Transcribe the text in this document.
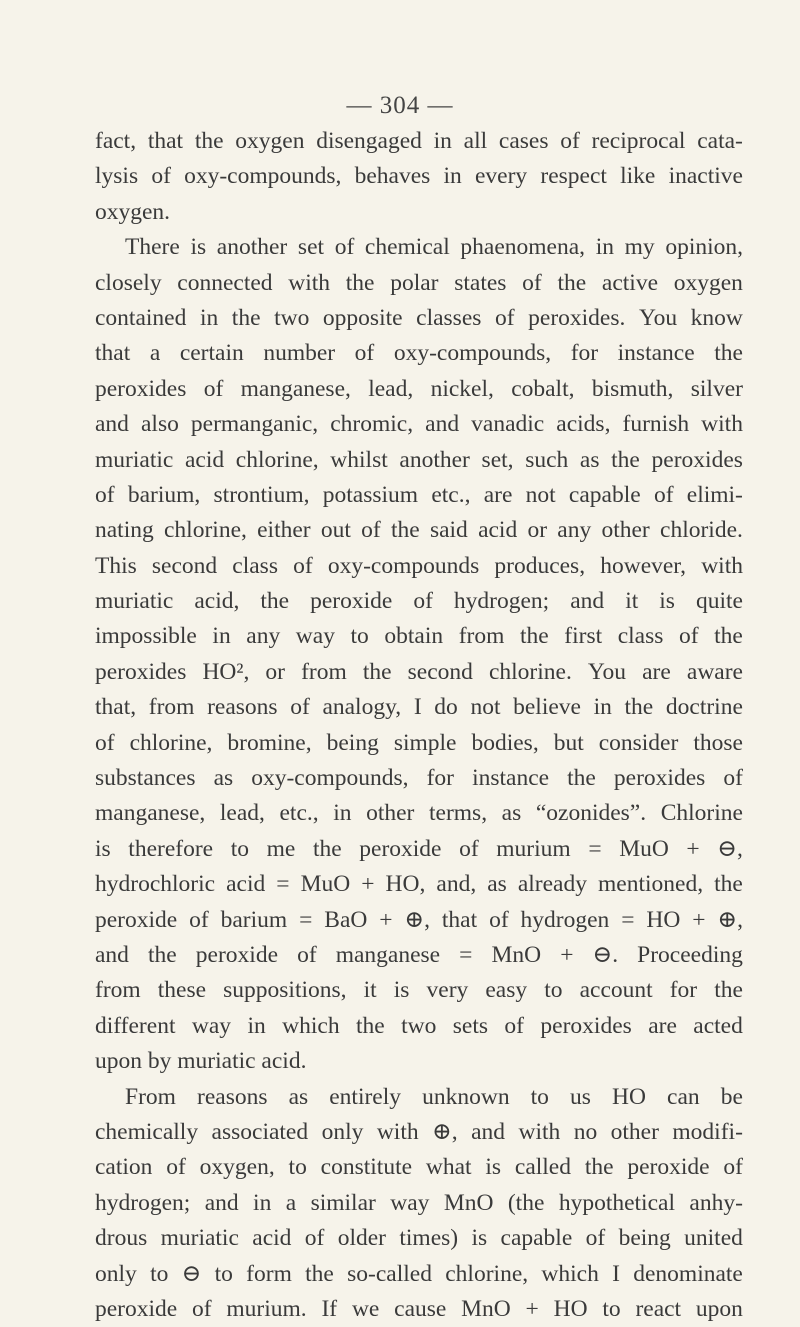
— 304 —
fact, that the oxygen disengaged in all cases of reciprocal cata-
lysis of oxy-compounds, behaves in every respect like inactive
oxygen.
There is another set of chemical phaenomena, in my opinion,
closely connected with the polar states of the active oxygen
contained in the two opposite classes of peroxides. You know
that a certain number of oxy-compounds, for instance the
peroxides of manganese, lead, nickel, cobalt, bismuth, silver
and also permanganic, chromic, and vanadic acids, furnish with
muriatic acid chlorine, whilst another set, such as the peroxides
of barium, strontium, potassium etc., are not capable of elimi-
nating chlorine, either out of the said acid or any other chloride.
This second class of oxy-compounds produces, however, with
muriatic acid, the peroxide of hydrogen; and it is quite
impossible in any way to obtain from the first class of the
peroxides HO², or from the second chlorine. You are aware
that, from reasons of analogy, I do not believe in the doctrine
of chlorine, bromine, being simple bodies, but consider those
substances as oxy-compounds, for instance the peroxides of
manganese, lead, etc., in other terms, as “ozonides”. Chlorine
is therefore to me the peroxide of murium = MuO + ⊖,
hydrochloric acid = MuO + HO, and, as already mentioned, the
peroxide of barium = BaO + ⊕, that of hydrogen = HO + ⊕,
and the peroxide of manganese = MnO + ⊖. Proceeding
from these suppositions, it is very easy to account for the
different way in which the two sets of peroxides are acted
upon by muriatic acid.
From reasons as entirely unknown to us HO can be
chemically associated only with ⊕, and with no other modifi-
cation of oxygen, to constitute what is called the peroxide of
hydrogen; and in a similar way MnO (the hypothetical anhy-
drous muriatic acid of older times) is capable of being united
only to ⊖ to form the so-called chlorine, which I denominate
peroxide of murium. If we cause MnO + HO to react upon
